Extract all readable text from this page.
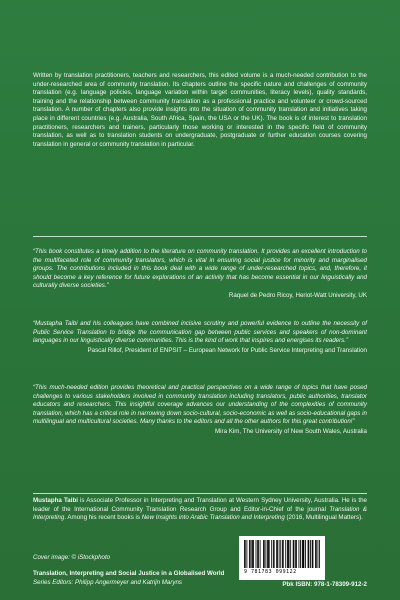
Written by translation practitioners, teachers and researchers, this edited volume is a much-needed contribution to the under-researched area of community translation. Its chapters outline the specific nature and challenges of community translation (e.g. language policies, language variation within target communities, literacy levels), quality standards, training and the relationship between community translation as a professional practice and volunteer or crowd-sourced translation. A number of chapters also provide insights into the situation of community translation and initiatives taking place in different countries (e.g. Australia, South Africa, Spain, the USA or the UK). The book is of interest to translation practitioners, researchers and trainers, particularly those working or interested in the specific field of community translation, as well as to translation students on undergraduate, postgraduate or further education courses covering translation in general or community translation in particular.
“This book constitutes a timely addition to the literature on community translation. It provides an excellent introduction to the multifaceted role of community translators, which is vital in ensuring social justice for minority and marginalised groups. The contributions included in this book deal with a wide range of under-researched topics, and, therefore, it should become a key reference for future explorations of an activity that has become essential in our linguistically and culturally diverse societies.”
Raquel de Pedro Ricoy, Heriot-Watt University, UK
“Mustapha Taibi and his colleagues have combined incisive scrutiny and powerful evidence to outline the necessity of Public Service Translation to bridge the communication gap between public services and speakers of non-dominant languages in our linguistically diverse communities. This is the kind of work that inspires and energises its readers.”
Pascal Rillof, President of ENPSIT – European Network for Public Service Interpreting and Translation
“This much-needed edition provides theoretical and practical perspectives on a wide range of topics that have posed challenges to various stakeholders involved in community translation including translators, public authorities, translator educators and researchers. This insightful coverage advances our understanding of the complexities of community translation, which has a critical role in narrowing down socio-cultural, socio-economic as well as socio-educational gaps in multilingual and multicultural societies. Many thanks to the editors and all the other authors for this great contribution!”
Mira Kim, The University of New South Wales, Australia
Mustapha Taibi is Associate Professor in Interpreting and Translation at Western Sydney University, Australia. He is the leader of the International Community Translation Research Group and Editor-in-Chief of the journal Translation & Interpreting. Among his recent books is New Insights into Arabic Translation and Interpreting (2016, Multilingual Matters).
Cover image: © iStockphoto
Translation, Interpreting and Social Justice in a Globalised World
Series Editors: Philipp Angermeyer and Katrijn Maryns
9 781783 099122
Pbk ISBN: 978-1-78309-912-2
